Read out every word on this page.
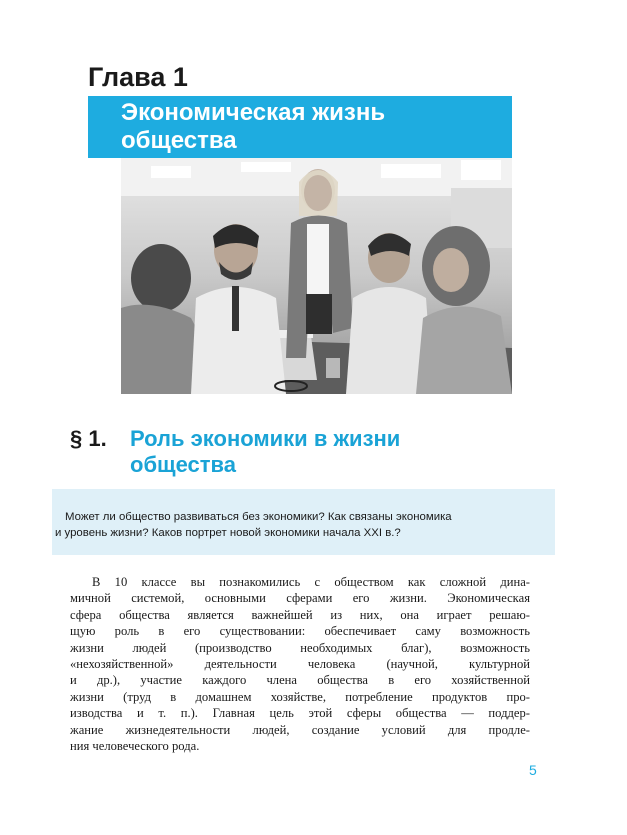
Глава 1
Экономическая жизнь общества
§ 1. Роль экономики в жизни общества

Может ли общество развиваться без экономики? Как связаны экономика
и уровень жизни? Каков портрет новой экономики начала XXI в.?

В 10 классе вы познакомились с обществом как сложной дина-
мичной системой, основными сферами его жизни. Экономическая
сфера общества является важнейшей из них, она играет решаю-
щую роль в его существовании: обеспечивает саму возможность
жизни людей (производство необходимых благ), возможность
«нехозяйственной» деятельности человека (научной, культурной
и др.), участие каждого члена общества в его хозяйственной
жизни (труд в домашнем хозяйстве, потребление продуктов про-
изводства и т. п.). Главная цель этой сферы общества — поддер-
жание жизнедеятельности людей, создание условий для продле-
ния человеческого рода.

5
